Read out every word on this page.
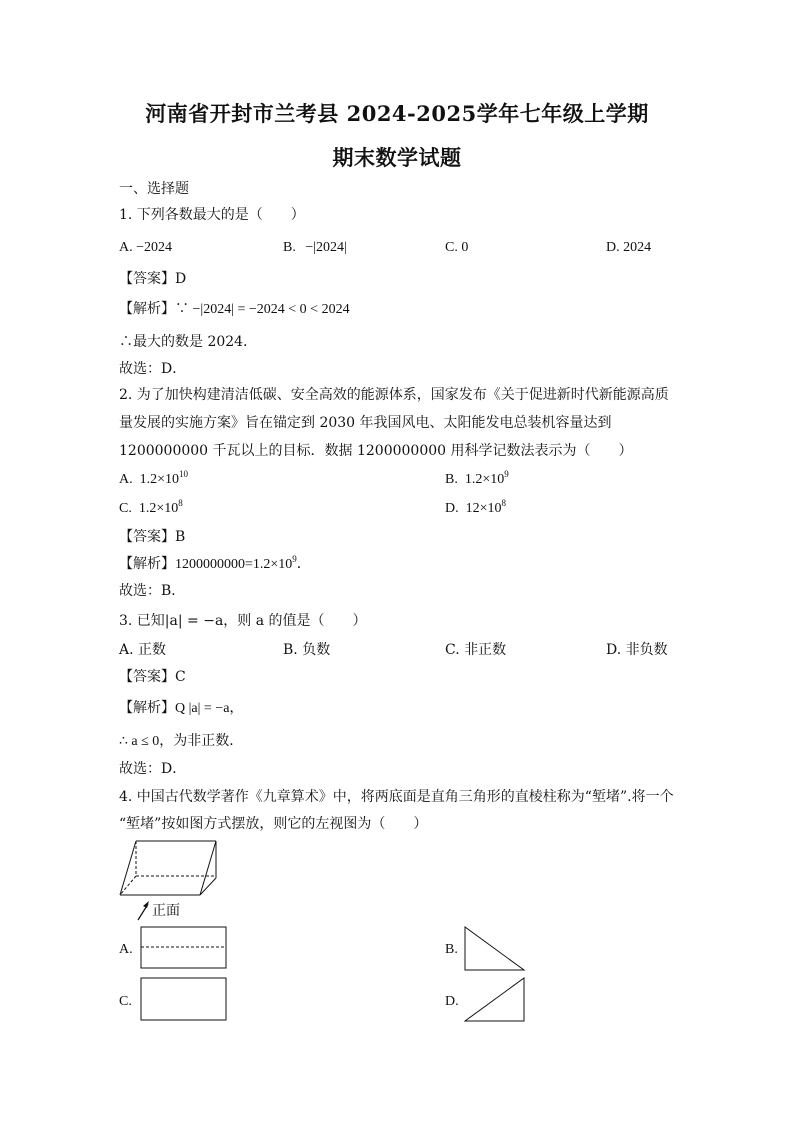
河南省开封市兰考县 2024-2025学年七年级上学期
期末数学试题
一、选择题
1. 下列各数最大的是（　　）
A. −2024	B. −|2024|	C. 0	D. 2024
【答案】D
【解析】∵ −|2024| = −2024 < 0 < 2024
∴最大的数是 2024．
故选：D．
2. 为了加快构建清洁低碳、安全高效的能源体系，国家发布《关于促进新时代新能源高质
量发展的实施方案》旨在锚定到 2030 年我国风电、太阳能发电总装机容量达到
1200000000 千瓦以上的目标．数据 1200000000 用科学记数法表示为（　　）
A. $1.2\times 10^{10}$	B. $1.2\times 10^9$
C. $1.2\times 10^8$	D. $12\times 10^8$
【答案】B
【解析】$1200000000=1.2\times 10^9$．
故选：B．
3. 已知|a| = −a，则 a 的值是（　　）
A. 正数	B. 负数	C. 非正数	D. 非负数
【答案】C
【解析】Q |a| = −a，
∴ a ≤ 0，为非正数．
故选：D．
4. 中国古代数学著作《九章算术》中，将两底面是直角三角形的直棱柱称为“堑堵”.将一个
“堑堵”按如图方式摆放，则它的左视图为（　　）
正面
A.	B.
C.	D.
